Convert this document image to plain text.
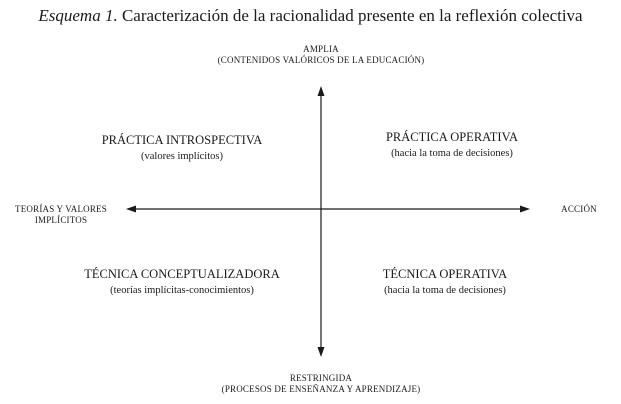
Esquema 1. Caracterización de la racionalidad presente en la reflexión colectiva
AMPLIA
(CONTENIDOS VALÓRICOS DE LA EDUCACIÓN)
RESTRINGIDA
(PROCESOS DE ENSEÑANZA Y APRENDIZAJE)
TEORÍAS Y VALORES
IMPLÍCITOS
ACCIÓN
PRÁCTICA INTROSPECTIVA
(valores implícitos)
PRÁCTICA OPERATIVA
(hacia la toma de decisiones)
TÉCNICA CONCEPTUALIZADORA
(teorías implícitas-conocimientos)
TÉCNICA OPERATIVA
(hacia la toma de decisiones)
